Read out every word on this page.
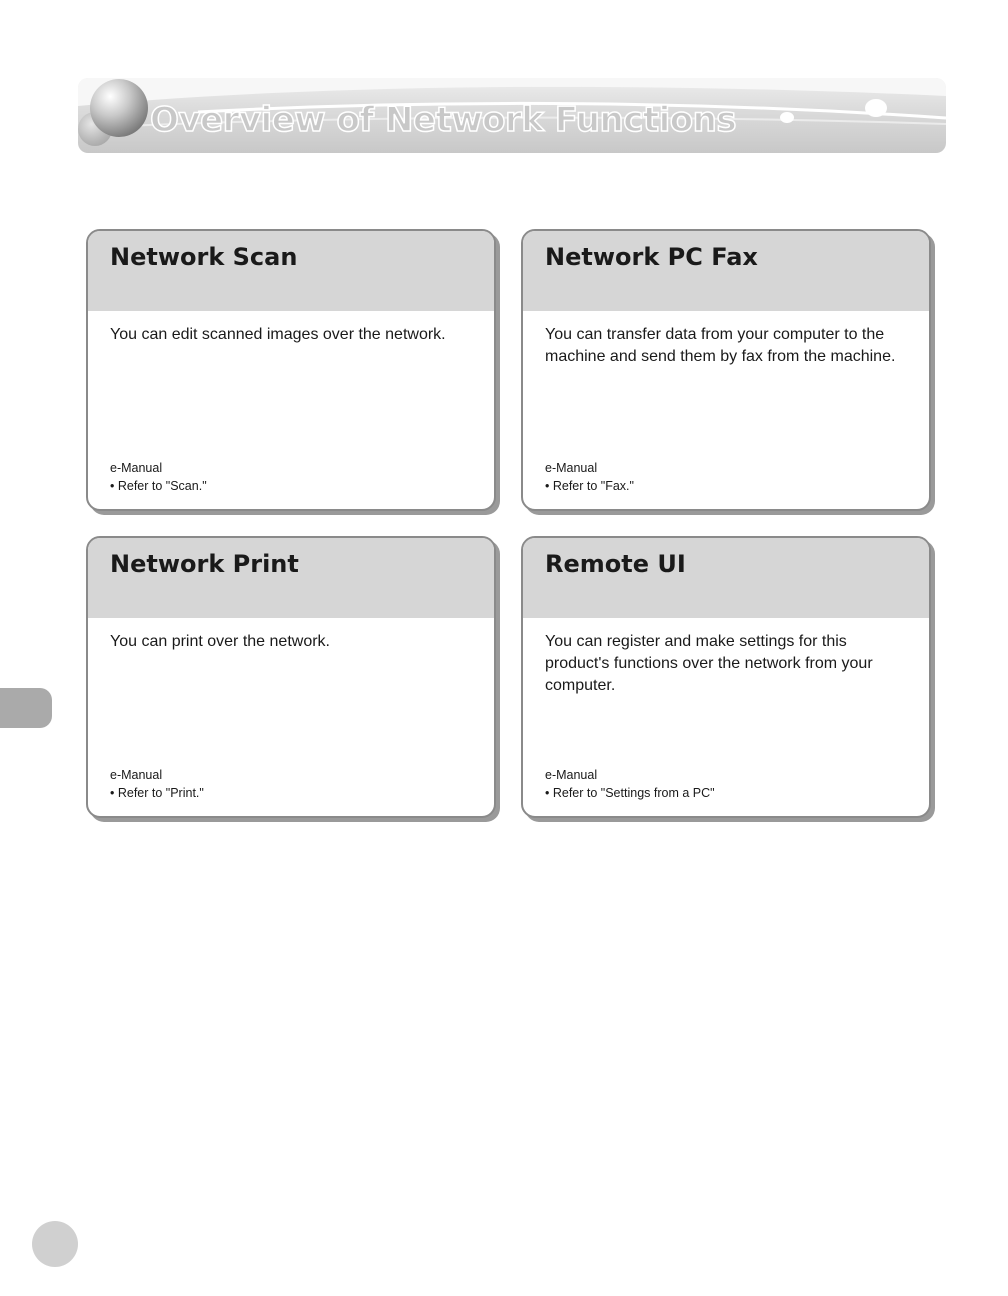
Overview of Network Functions
Network Scan
You can edit scanned images over the network.
e-Manual
• Refer to "Scan."
Network PC Fax
You can transfer data from your computer to the machine and send them by fax from the machine.
e-Manual
• Refer to "Fax."
Network Print
You can print over the network.
e-Manual
• Refer to "Print."
Remote UI
You can register and make settings for this product's functions over the network from your computer.
e-Manual
• Refer to "Settings from a PC"
